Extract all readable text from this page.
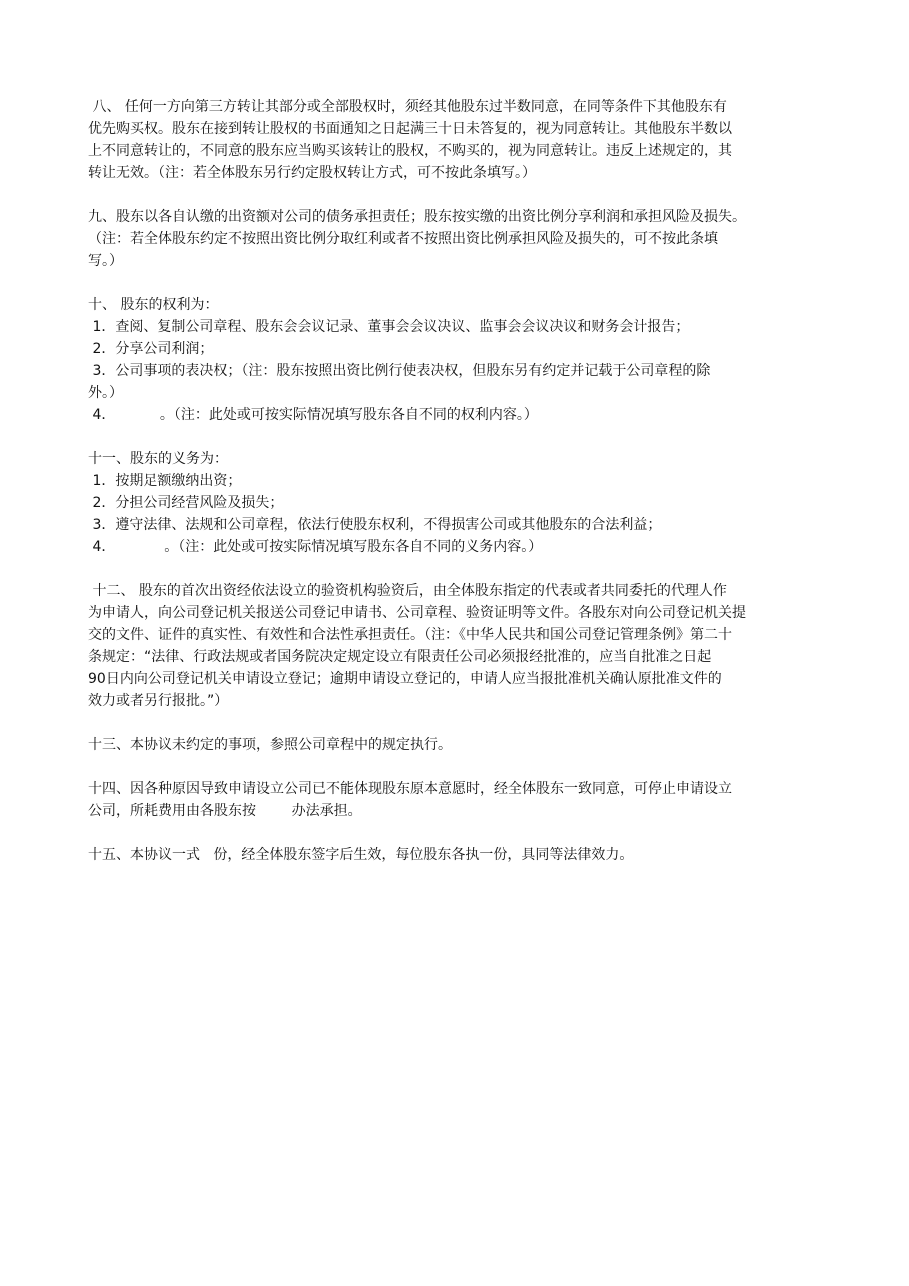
八、 任何一方向第三方转让其部分或全部股权时，须经其他股东过半数同意，在同等条件下其他股东有

优先购买权。股东在接到转让股权的书面通知之日起满三十日未答复的，视为同意转让。其他股东半数以

上不同意转让的，不同意的股东应当购买该转让的股权，不购买的，视为同意转让。违反上述规定的，其

转让无效。（注：若全体股东另行约定股权转让方式，可不按此条填写。）

九、股东以各自认缴的出资额对公司的债务承担责任；股东按实缴的出资比例分享利润和承担风险及损失。

（注：若全体股东约定不按照出资比例分取红利或者不按照出资比例承担风险及损失的，可不按此条填

写。）

十、 股东的权利为：

1．查阅、复制公司章程、股东会会议记录、董事会会议决议、监事会会议决议和财务会计报告；

2．分享公司利润；

3．公司事项的表决权；（注：股东按照出资比例行使表决权，但股东另有约定并记载于公司章程的除

外。）

4．          。（注：此处或可按实际情况填写股东各自不同的权利内容。）

十一、股东的义务为：

1．按期足额缴纳出资；

2．分担公司经营风险及损失；

3．遵守法律、法规和公司章程，依法行使股东权利，不得损害公司或其他股东的合法利益；

4．           。（注：此处或可按实际情况填写股东各自不同的义务内容。）

十二、 股东的首次出资经依法设立的验资机构验资后，由全体股东指定的代表或者共同委托的代理人作

为申请人，向公司登记机关报送公司登记申请书、公司章程、验资证明等文件。各股东对向公司登记机关提

交的文件、证件的真实性、有效性和合法性承担责任。（注：《中华人民共和国公司登记管理条例》第二十

条规定：“法律、行政法规或者国务院决定规定设立有限责任公司必须报经批准的，应当自批准之日起

90日内向公司登记机关申请设立登记；逾期申请设立登记的，申请人应当报批准机关确认原批准文件的

效力或者另行报批。”）

十三、本协议未约定的事项，参照公司章程中的规定执行。

十四、因各种原因导致申请设立公司已不能体现股东原本意愿时，经全体股东一致同意，可停止申请设立

公司，所耗费用由各股东按        办法承担。

十五、本协议一式   份，经全体股东签字后生效，每位股东各执一份，具同等法律效力。
